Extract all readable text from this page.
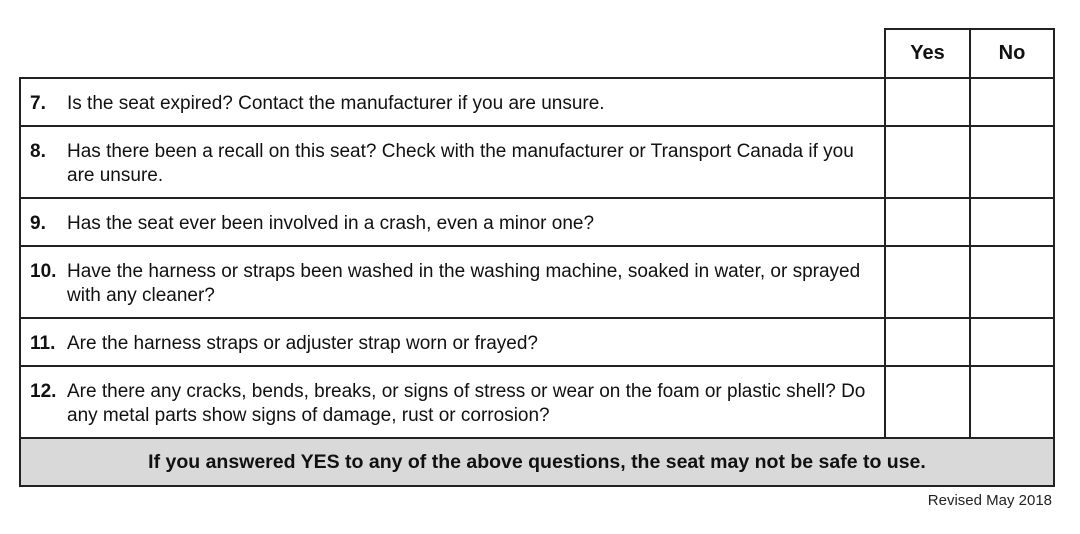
	Yes	No

7. Is the seat expired? Contact the manufacturer if you are unsure.		

8. Has there been a recall on this seat? Check with the manufacturer or Transport Canada if you are unsure.		

9. Has the seat ever been involved in a crash, even a minor one?		

10. Have the harness or straps been washed in the washing machine, soaked in water, or sprayed with any cleaner?		

11. Are the harness straps or adjuster strap worn or frayed?		

12. Are there any cracks, bends, breaks, or signs of stress or wear on the foam or plastic shell? Do any metal parts show signs of damage, rust or corrosion?		

If you answered YES to any of the above questions, the seat may not be safe to use.		
Revised May 2018
